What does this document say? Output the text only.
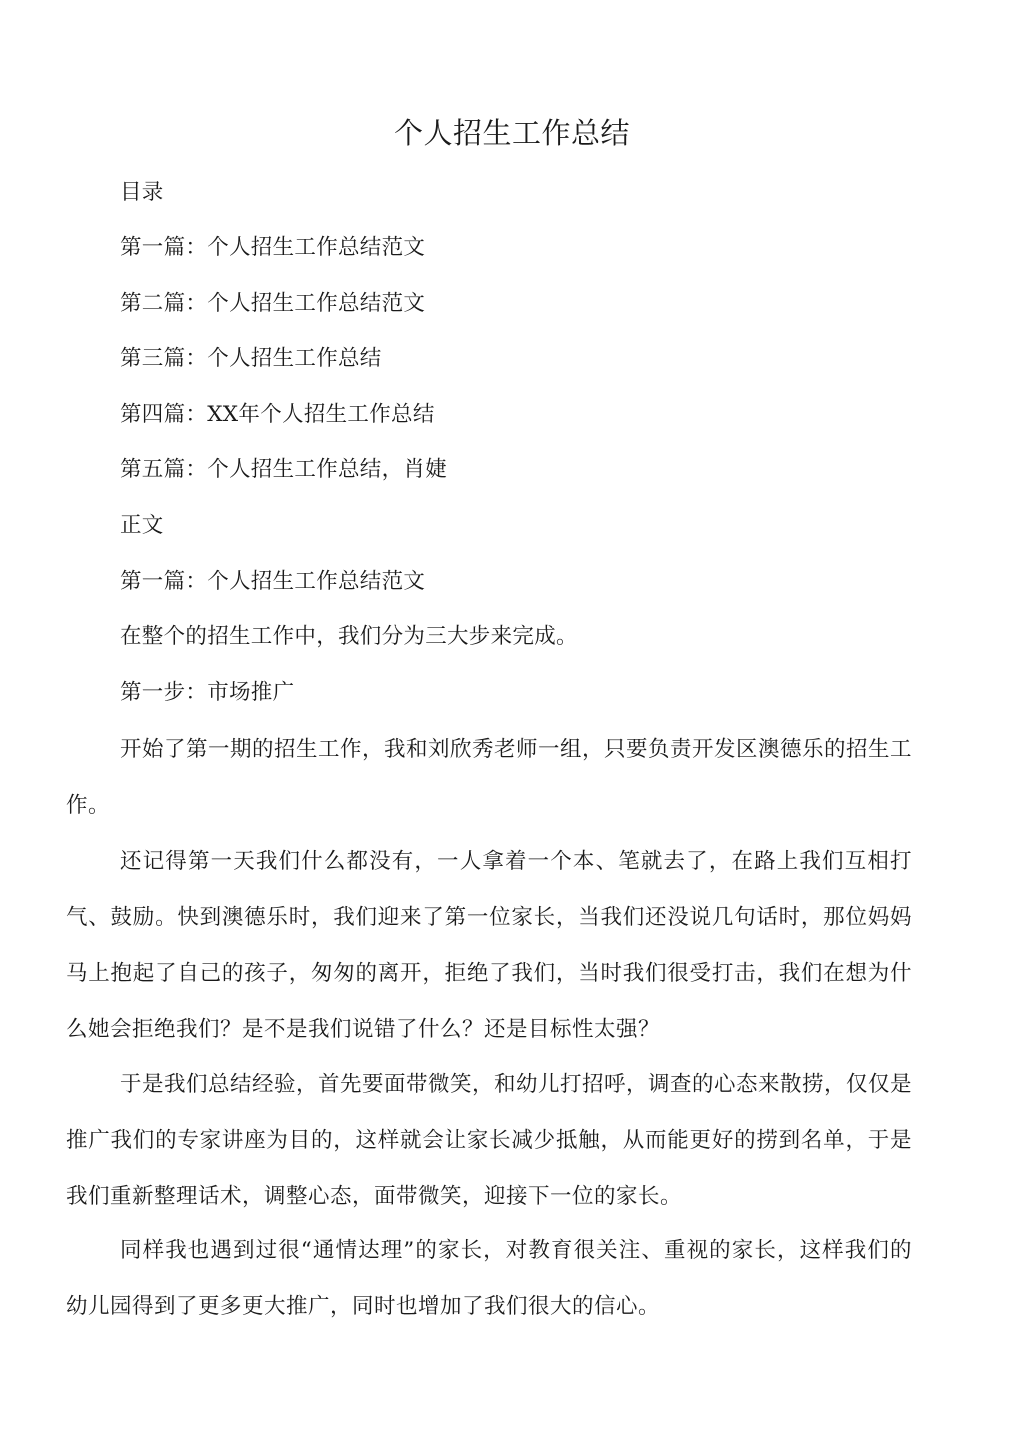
个人招生工作总结
目录
第一篇：个人招生工作总结范文
第二篇：个人招生工作总结范文
第三篇：个人招生工作总结
第四篇：XX年个人招生工作总结
第五篇：个人招生工作总结，肖婕
正文
第一篇：个人招生工作总结范文
在整个的招生工作中，我们分为三大步来完成。
第一步：市场推广

开始了第一期的招生工作，我和刘欣秀老师一组，只要负责开发区澳德乐的招生工作。

还记得第一天我们什么都没有，一人拿着一个本、笔就去了，在路上我们互相打气、鼓励。快到澳德乐时，我们迎来了第一位家长，当我们还没说几句话时，那位妈妈马上抱起了自己的孩子，匆匆的离开，拒绝了我们，当时我们很受打击，我们在想为什么她会拒绝我们？是不是我们说错了什么？还是目标性太强？

于是我们总结经验，首先要面带微笑，和幼儿打招呼，调查的心态来散捞，仅仅是推广我们的专家讲座为目的，这样就会让家长减少抵触，从而能更好的捞到名单，于是我们重新整理话术，调整心态，面带微笑，迎接下一位的家长。

同样我也遇到过很“通情达理”的家长，对教育很关注、重视的家长，这样我们的幼儿园得到了更多更大推广，同时也增加了我们很大的信心。
